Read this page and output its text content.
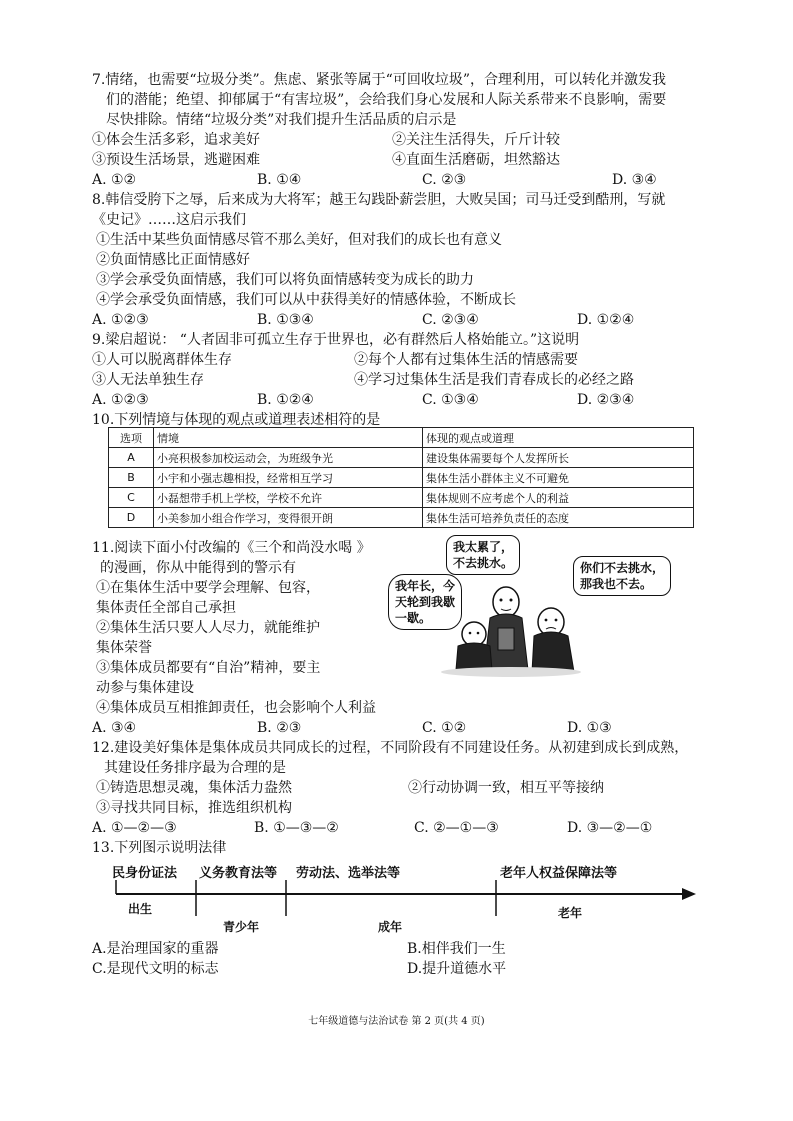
7.情绪，也需要“垃圾分类”。焦虑、紧张等属于“可回收垃圾”，合理利用，可以转化并激发我
们的潜能；绝望、抑郁属于“有害垃圾”，会给我们身心发展和人际关系带来不良影响，需要
尽快排除。情绪“垃圾分类”对我们提升生活品质的启示是
①体会生活多彩，追求美好	②关注生活得失，斤斤计较
③预设生活场景，逃避困难	④直面生活磨砺，坦然豁达
A. ①②	B. ①④	C. ②③	D. ③④
8.韩信受胯下之辱，后来成为大将军；越王勾践卧薪尝胆，大败吴国；司马迁受到酷刑，写就
《史记》……这启示我们
①生活中某些负面情感尽管不那么美好，但对我们的成长也有意义
②负面情感比正面情感好
③学会承受负面情感，我们可以将负面情感转变为成长的助力
④学会承受负面情感，我们可以从中获得美好的情感体验，不断成长
A. ①②③	B. ①③④	C. ②③④	D. ①②④
9.梁启超说： “人者固非可孤立生存于世界也，必有群然后人格始能立。”这说明
①人可以脱离群体生存	②每个人都有过集体生活的情感需要
③人无法单独生存	④学习过集体生活是我们青春成长的必经之路
A. ①②③	B. ①②④	C. ①③④	D. ②③④
10.下列情境与体现的观点或道理表述相符的是
选项	情境	体现的观点或道理
A	小亮积极参加校运动会，为班级争光	建设集体需要每个人发挥所长
B	小宇和小强志趣相投，经常相互学习	集体生活小群体主义不可避免
C	小磊想带手机上学校，学校不允许	集体规则不应考虑个人的利益
D	小美参加小组合作学习，变得很开朗	集体生活可培养负责任的态度
11.阅读下面小付改编的《三个和尚没水喝 》
的漫画，你从中能得到的警示有
①在集体生活中要学会理解、包容，
集体责任全部自己承担
②集体生活只要人人尽力，就能维护
集体荣誉
③集体成员都要有“自治”精神，要主
动参与集体建设
④集体成员互相推卸责任，也会影响个人利益
A. ③④	B. ②③	C. ①②	D. ①③
我太累了，
不去挑水。	你们不去挑水，
那我也不去。
我年长，今
天轮到我歇
一歇。
12.建设美好集体是集体成员共同成长的过程，不同阶段有不同建设任务。从初建到成长到成熟，
其建设任务排序最为合理的是
①铸造思想灵魂，集体活力盎然	②行动协调一致，相互平等接纳
③寻找共同目标，推选组织机构
A. ①—②—③	B. ①—③—②	C. ②—①—③	D. ③—②—①
13.下列图示说明法律
民身份证法 义务教育法等 劳动法、选举法等	老年人权益保障法等
出生
青少年	成年
老年
A.是治理国家的重器	B.相伴我们一生
C.是现代文明的标志	D.提升道德水平
七年级道德与法治试卷 第 2 页(共 4 页)
